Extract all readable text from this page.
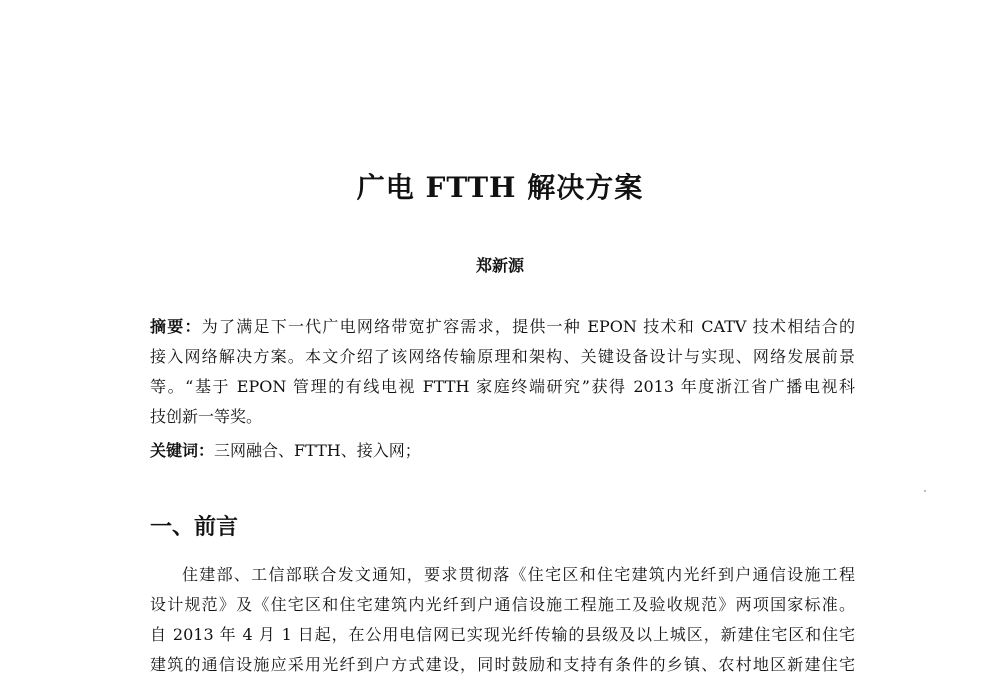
广电 FTTH 解决方案
郑新源
摘要：为了满足下一代广电网络带宽扩容需求，提供一种 EPON 技术和 CATV 技术相结合的
接入网络解决方案。本文介绍了该网络传输原理和架构、关键设备设计与实现、网络发展前景
等。“基于 EPON 管理的有线电视 FTTH 家庭终端研究”获得 2013 年度浙江省广播电视科
技创新一等奖。
关键词：三网融合、FTTH、接入网；
一、前言
住建部、工信部联合发文通知，要求贯彻落《住宅区和住宅建筑内光纤到户通信设施工程
设计规范》及《住宅区和住宅建筑内光纤到户通信设施工程施工及验收规范》两项国家标准。
自 2013 年 4 月 1 日起，在公用电信网已实现光纤传输的县级及以上城区，新建住宅区和住宅
建筑的通信设施应采用光纤到户方式建设，同时鼓励和支持有条件的乡镇、农村地区新建住宅
